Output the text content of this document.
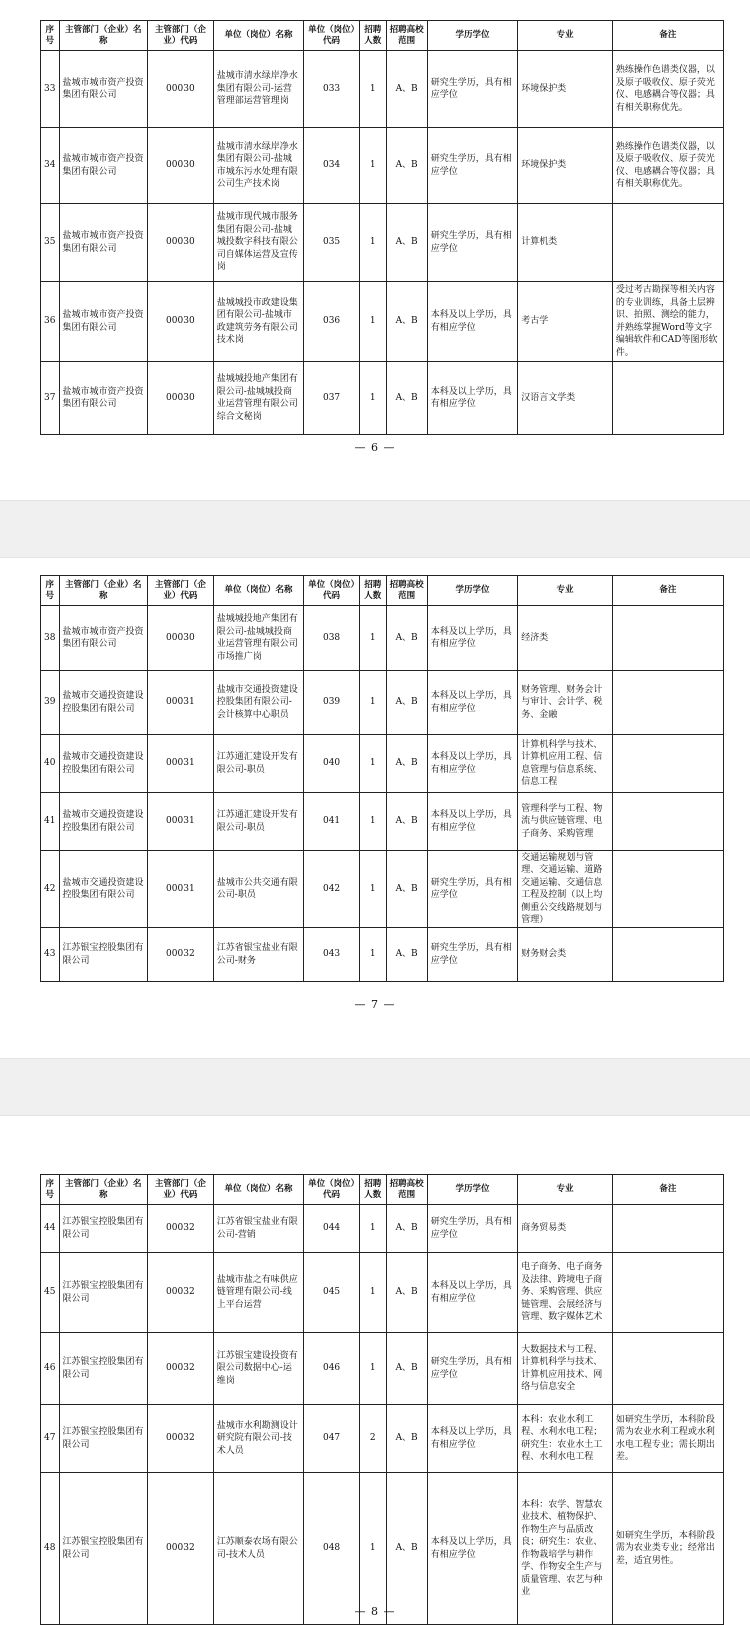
序号	主管部门（企业）名称	主管部门（企业）代码	单位（岗位）名称	单位（岗位）代码	招聘人数	招聘高校范围	学历学位	专业	备注
33	盐城市城市资产投资集团有限公司	00030	盐城市清水绿岸净水集团有限公司-运营管理部运营管理岗	033	1	A、B	研究生学历，具有相应学位	环境保护类	熟练操作色谱类仪器，以及原子吸收仪、原子荧光仪、电感耦合等仪器；具有相关职称优先。
34	盐城市城市资产投资集团有限公司	00030	盐城市清水绿岸净水集团有限公司-盐城市城东污水处理有限公司生产技术岗	034	1	A、B	研究生学历，具有相应学位	环境保护类	熟练操作色谱类仪器，以及原子吸收仪、原子荧光仪、电感耦合等仪器；具有相关职称优先。
35	盐城市城市资产投资集团有限公司	00030	盐城市现代城市服务集团有限公司-盐城城投数字科技有限公司自媒体运营及宣传岗	035	1	A、B	研究生学历，具有相应学位	计算机类	
36	盐城市城市资产投资集团有限公司	00030	盐城城投市政建设集团有限公司-盐城市政建筑劳务有限公司技术岗	036	1	A、B	本科及以上学历，具有相应学位	考古学	受过考古勘探等相关内容的专业训练，具备土层辨识、拍照、测绘的能力，并熟练掌握Word等文字编辑软件和CAD等图形软件。
37	盐城市城市资产投资集团有限公司	00030	盐城城投地产集团有限公司-盐城城投商业运营管理有限公司综合文秘岗	037	1	A、B	本科及以上学历，具有相应学位	汉语言文学类	
— 6 —
序号	主管部门（企业）名称	主管部门（企业）代码	单位（岗位）名称	单位（岗位）代码	招聘人数	招聘高校范围	学历学位	专业	备注
38	盐城市城市资产投资集团有限公司	00030	盐城城投地产集团有限公司-盐城城投商业运营管理有限公司市场推广岗	038	1	A、B	本科及以上学历，具有相应学位	经济类	
39	盐城市交通投资建设控股集团有限公司	00031	盐城市交通投资建设控股集团有限公司-会计核算中心职员	039	1	A、B	本科及以上学历，具有相应学位	财务管理、财务会计与审计、会计学、税务、金融	
40	盐城市交通投资建设控股集团有限公司	00031	江苏通汇建设开发有限公司-职员	040	1	A、B	本科及以上学历，具有相应学位	计算机科学与技术、计算机应用工程、信息管理与信息系统、信息工程	
41	盐城市交通投资建设控股集团有限公司	00031	江苏通汇建设开发有限公司-职员	041	1	A、B	本科及以上学历，具有相应学位	管理科学与工程、物流与供应链管理、电子商务、采购管理	
42	盐城市交通投资建设控股集团有限公司	00031	盐城市公共交通有限公司-职员	042	1	A、B	研究生学历，具有相应学位	交通运输规划与管理、交通运输、道路交通运输、交通信息工程及控制（以上均侧重公交线路规划与管理）	
43	江苏银宝控股集团有限公司	00032	江苏省银宝盐业有限公司-财务	043	1	A、B	研究生学历，具有相应学位	财务财会类	
— 7 —
序号	主管部门（企业）名称	主管部门（企业）代码	单位（岗位）名称	单位（岗位）代码	招聘人数	招聘高校范围	学历学位	专业	备注
44	江苏银宝控股集团有限公司	00032	江苏省银宝盐业有限公司-营销	044	1	A、B	研究生学历，具有相应学位	商务贸易类	
45	江苏银宝控股集团有限公司	00032	盐城市盐之有味供应链管理有限公司-线上平台运营	045	1	A、B	本科及以上学历，具有相应学位	电子商务、电子商务及法律、跨境电子商务、采购管理、供应链管理、会展经济与管理、数字媒体艺术	
46	江苏银宝控股集团有限公司	00032	江苏银宝建设投资有限公司数据中心-运维岗	046	1	A、B	研究生学历，具有相应学位	大数据技术与工程、计算机科学与技术、计算机应用技术、网络与信息安全	
47	江苏银宝控股集团有限公司	00032	盐城市水利勘测设计研究院有限公司-技术人员	047	2	A、B	本科及以上学历，具有相应学位	本科：农业水利工程、水利水电工程；研究生：农业水土工程、水利水电工程	如研究生学历，本科阶段需为农业水利工程或水利水电工程专业；需长期出差。
48	江苏银宝控股集团有限公司	00032	江苏顺泰农场有限公司-技术人员	048	1	A、B	本科及以上学历，具有相应学位	本科：农学、智慧农业技术、植物保护、作物生产与品质改良；研究生：农业、作物栽培学与耕作学、作物安全生产与质量管理、农艺与种业	如研究生学历，本科阶段需为农业类专业；经常出差，适宜男性。
— 8 —
